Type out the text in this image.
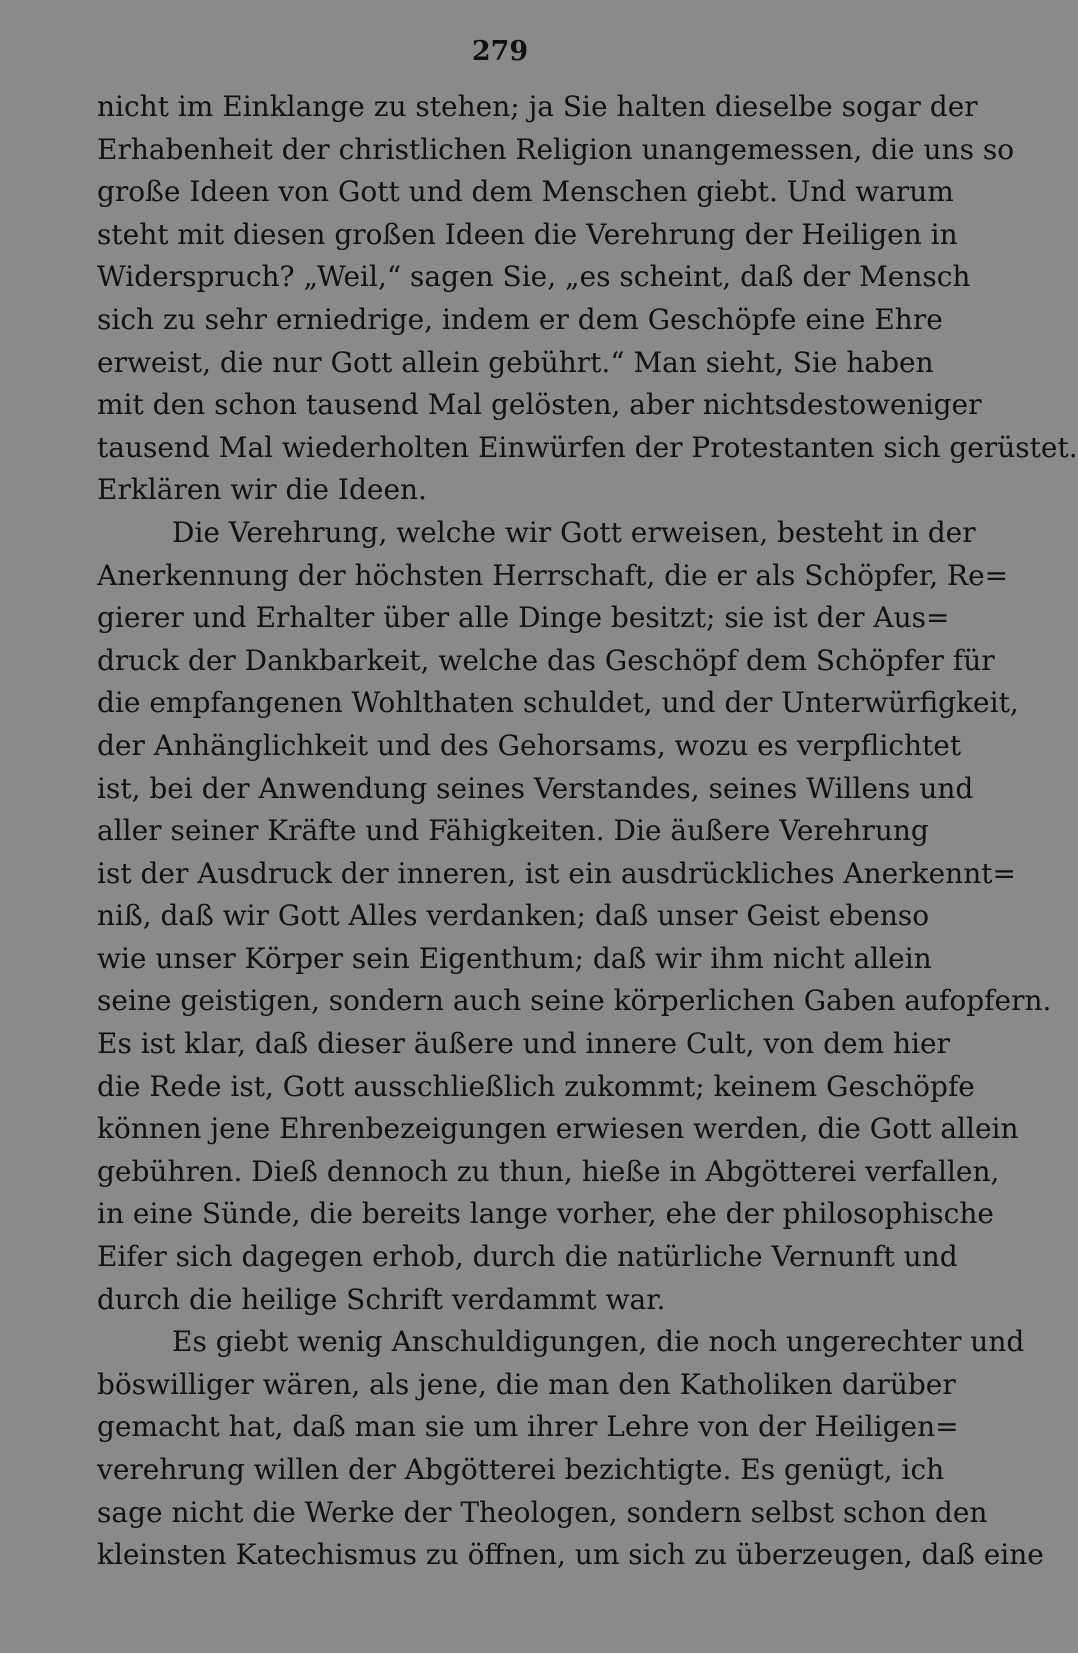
279
nicht im Einklange zu stehen; ja Sie halten dieselbe sogar der
Erhabenheit der christlichen Religion unangemessen, die uns so
große Ideen von Gott und dem Menschen giebt. Und warum
steht mit diesen großen Ideen die Verehrung der Heiligen in
Widerspruch? „Weil,“ sagen Sie, „es scheint, daß der Mensch
sich zu sehr erniedrige, indem er dem Geschöpfe eine Ehre
erweist, die nur Gott allein gebührt.“ Man sieht, Sie haben
mit den schon tausend Mal gelösten, aber nichtsdestoweniger
tausend Mal wiederholten Einwürfen der Protestanten sich gerüstet.
Erklären wir die Ideen.
Die Verehrung, welche wir Gott erweisen, besteht in der
Anerkennung der höchsten Herrschaft, die er als Schöpfer, Re=
gierer und Erhalter über alle Dinge besitzt; sie ist der Aus=
druck der Dankbarkeit, welche das Geschöpf dem Schöpfer für
die empfangenen Wohlthaten schuldet, und der Unterwürfigkeit,
der Anhänglichkeit und des Gehorsams, wozu es verpflichtet
ist, bei der Anwendung seines Verstandes, seines Willens und
aller seiner Kräfte und Fähigkeiten. Die äußere Verehrung
ist der Ausdruck der inneren, ist ein ausdrückliches Anerkennt=
niß, daß wir Gott Alles verdanken; daß unser Geist ebenso
wie unser Körper sein Eigenthum; daß wir ihm nicht allein
seine geistigen, sondern auch seine körperlichen Gaben aufopfern.
Es ist klar, daß dieser äußere und innere Cult, von dem hier
die Rede ist, Gott ausschließlich zukommt; keinem Geschöpfe
können jene Ehrenbezeigungen erwiesen werden, die Gott allein
gebühren. Dieß dennoch zu thun, hieße in Abgötterei verfallen,
in eine Sünde, die bereits lange vorher, ehe der philosophische
Eifer sich dagegen erhob, durch die natürliche Vernunft und
durch die heilige Schrift verdammt war.
Es giebt wenig Anschuldigungen, die noch ungerechter und
böswilliger wären, als jene, die man den Katholiken darüber
gemacht hat, daß man sie um ihrer Lehre von der Heiligen=
verehrung willen der Abgötterei bezichtigte. Es genügt, ich
sage nicht die Werke der Theologen, sondern selbst schon den
kleinsten Katechismus zu öffnen, um sich zu überzeugen, daß eine
